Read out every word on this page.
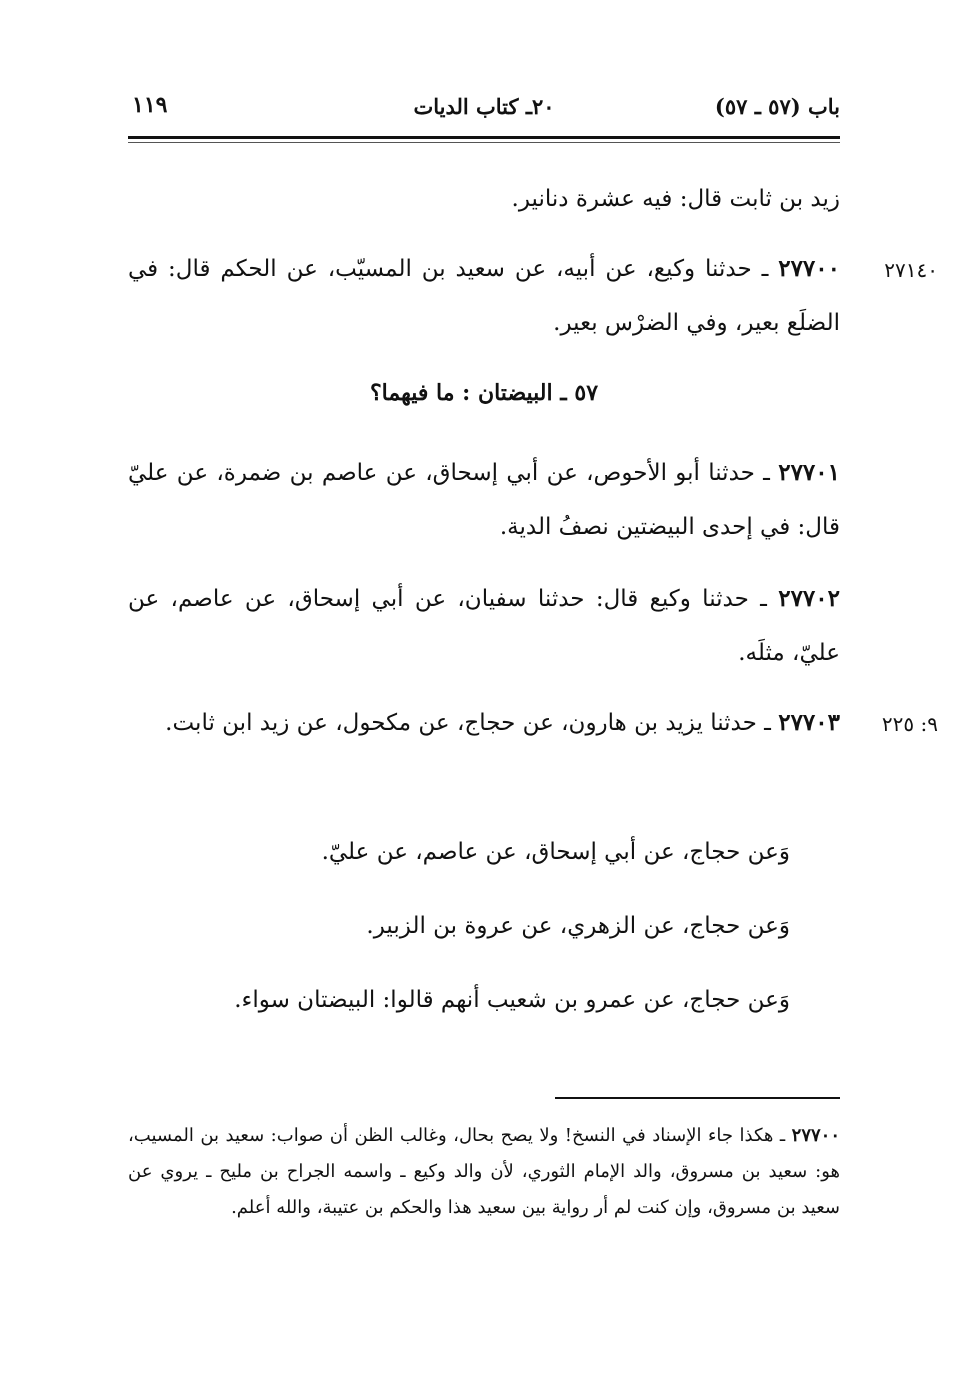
باب (٥٧ ـ ٥٧)
٢٠ـ كتاب الديات
١١٩
زيد بن ثابت قال: فيه عشرة دنانير.
٢٧١٤٠
٢٧٧٠٠ ـ حدثنا وكيع، عن أبيه، عن سعيد بن المسيّب، عن الحكم قال: في الضلَع بعير، وفي الضرْس بعير.
٥٧ ـ البيضتان : ما فيهما؟
٢٧٧٠١ ـ حدثنا أبو الأحوص، عن أبي إسحاق، عن عاصم بن ضمرة، عن عليّ قال: في إحدى البيضتين نصفُ الدية.
٢٧٧٠٢ ـ حدثنا وكيع قال: حدثنا سفيان، عن أبي إسحاق، عن عاصم، عن عليّ، مثلَه.
٩: ٢٢٥
٢٧٧٠٣ ـ حدثنا يزيد بن هارون، عن حجاج، عن مكحول، عن زيد ابن ثابت.
وَعن حجاج، عن أبي إسحاق، عن عاصم، عن عليّ.
وَعن حجاج، عن الزهري، عن عروة بن الزبير.
وَعن حجاج، عن عمرو بن شعيب أنهم قالوا: البيضتان سواء.
٢٧٧٠٠ ـ هكذا جاء الإسناد في النسخ! ولا يصح بحال، وغالب الظن أن صواب: سعيد بن المسيب، هو: سعيد بن مسروق، والد الإمام الثوري، لأن والد وكيع ـ واسمه الجراح بن مليح ـ يروي عن سعيد بن مسروق، وإن كنت لم أر رواية بين سعيد هذا والحكم بن عتيبة، والله أعلم.
